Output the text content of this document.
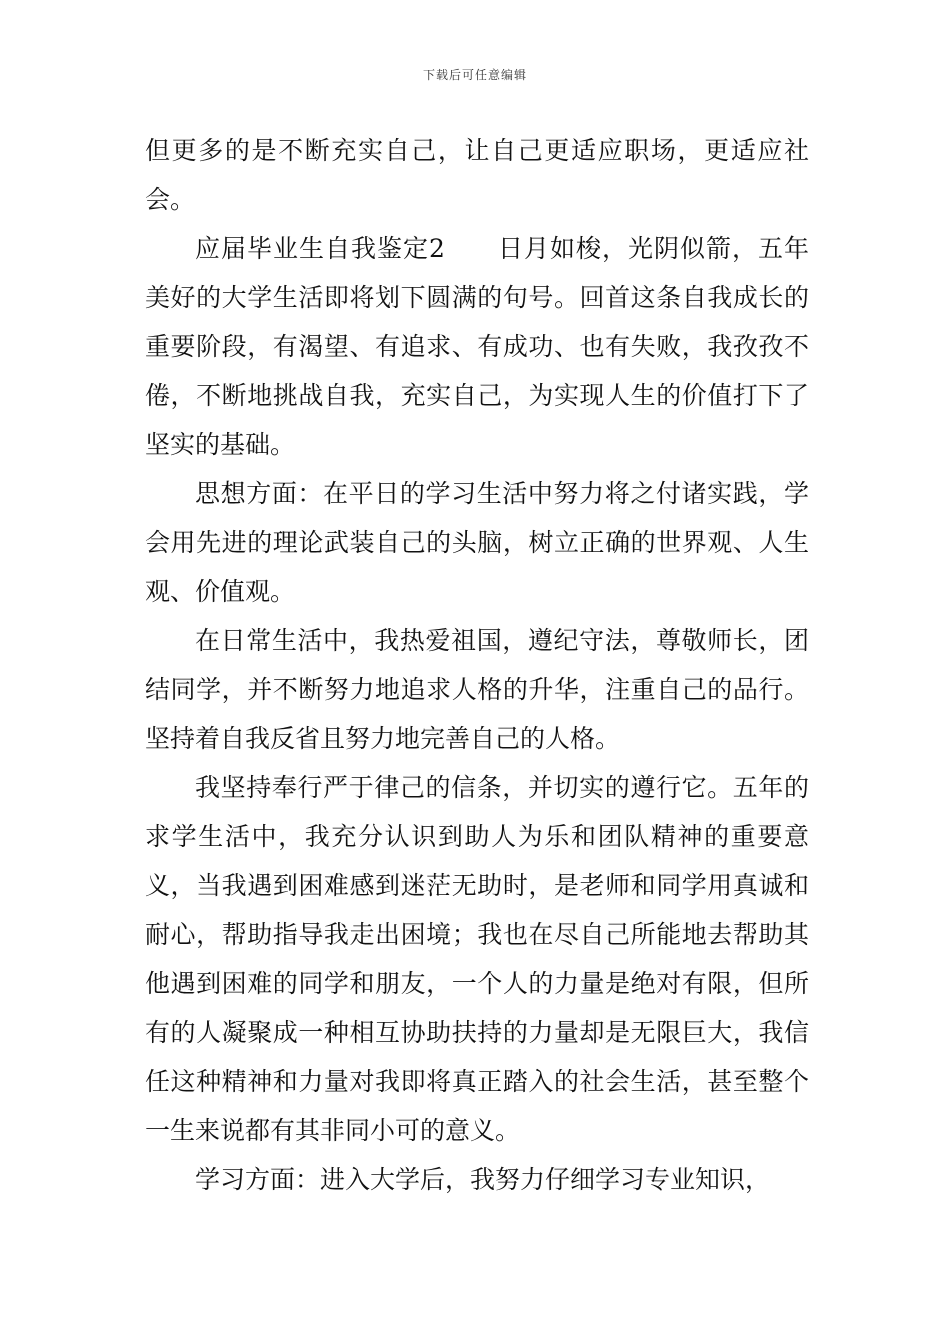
下载后可任意编辑

但更多的是不断充实自己，让自己更适应职场，更适应社会。

应届毕业生自我鉴定2　　日月如梭，光阴似箭，五年美好的大学生活即将划下圆满的句号。回首这条自我成长的重要阶段，有渴望、有追求、有成功、也有失败，我孜孜不倦，不断地挑战自我，充实自己，为实现人生的价值打下了坚实的基础。

思想方面：在平日的学习生活中努力将之付诸实践，学会用先进的理论武装自己的头脑，树立正确的世界观、人生观、价值观。

在日常生活中，我热爱祖国，遵纪守法，尊敬师长，团结同学，并不断努力地追求人格的升华，注重自己的品行。坚持着自我反省且努力地完善自己的人格。

我坚持奉行严于律己的信条，并切实的遵行它。五年的求学生活中，我充分认识到助人为乐和团队精神的重要意义，当我遇到困难感到迷茫无助时，是老师和同学用真诚和耐心，帮助指导我走出困境；我也在尽自己所能地去帮助其他遇到困难的同学和朋友，一个人的力量是绝对有限，但所有的人凝聚成一种相互协助扶持的力量却是无限巨大，我信任这种精神和力量对我即将真正踏入的社会生活，甚至整个一生来说都有其非同小可的意义。

学习方面：进入大学后，我努力仔细学习专业知识，
